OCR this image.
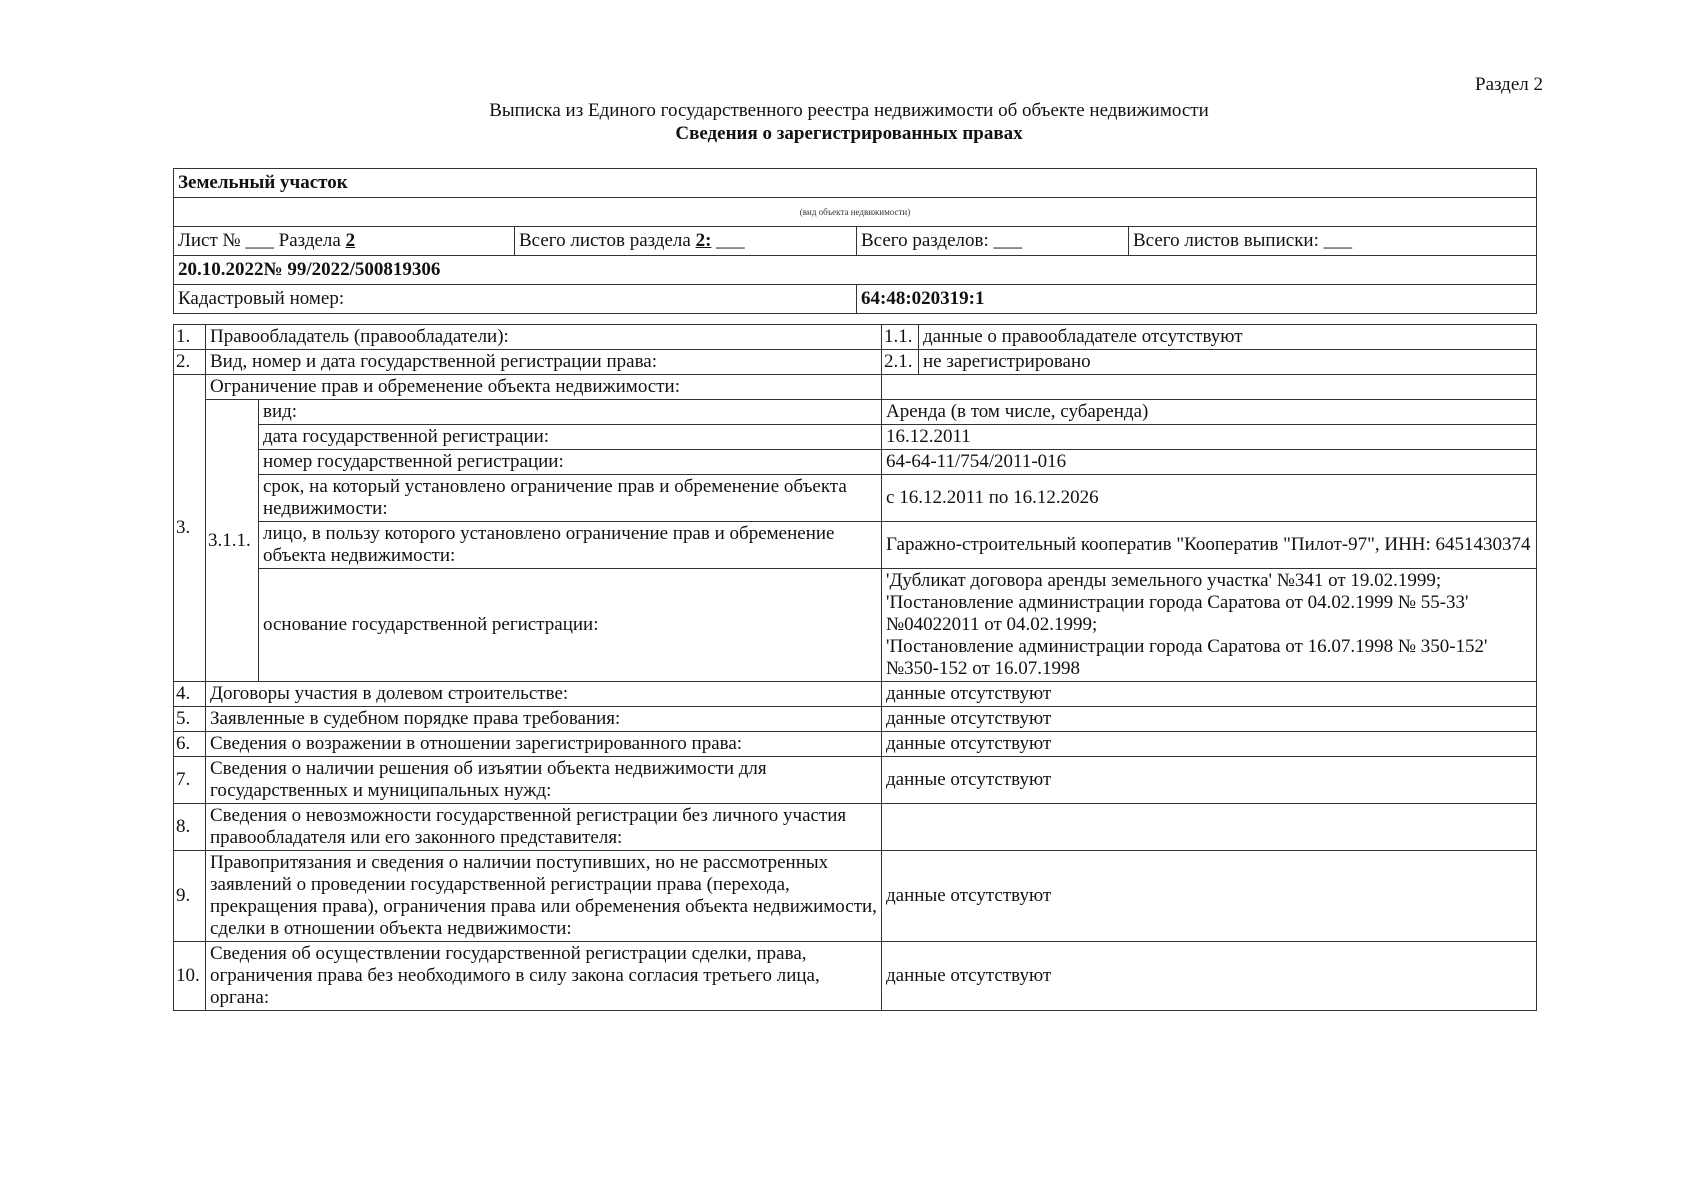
Раздел 2
Выписка из Единого государственного реестра недвижимости об объекте недвижимости
Сведения о зарегистрированных правах
Земельный участок			
(вид объекта недвижимости)			
Лист № ___ Раздела 2	Всего листов раздела 2: ___	Всего разделов: ___	Всего листов выписки: ___
20.10.2022№ 99/2022/500819306			
Кадастровый номер:		64:48:020319:1	
1.	Правообладатель (правообладатели):		1.1.	данные о правообладателе отсутствуют
2.	Вид, номер и дата государственной регистрации права:		2.1.	не зарегистрировано
3.	Ограничение прав и обременение объекта недвижимости:			
	3.1.1.	вид:	Аренда (в том числе, субаренда)	
		дата государственной регистрации:	16.12.2011	
		номер государственной регистрации:	64-64-11/754/2011-016	
		срок, на который установлено ограничение прав и обременение объекта недвижимости:	с 16.12.2011 по 16.12.2026	
		лицо, в пользу которого установлено ограничение прав и обременение объекта недвижимости:	Гаражно-строительный кооператив "Кооператив "Пилот-97", ИНН: 6451430374	
		основание государственной регистрации:	'Дубликат договора аренды земельного участка' №341 от 19.02.1999;
'Постановление администрации города Саратова от 04.02.1999 № 55-33' №04022011 от 04.02.1999;
'Постановление администрации города Саратова от 16.07.1998 № 350-152' №350-152 от 16.07.1998	

4.	Договоры участия в долевом строительстве:		данные отсутствуют	
5.	Заявленные в судебном порядке права требования:		данные отсутствуют	
6.	Сведения о возражении в отношении зарегистрированного права:		данные отсутствуют	
7.	Сведения о наличии решения об изъятии объекта недвижимости для государственных и муниципальных нужд:		данные отсутствуют	
8.	Сведения о невозможности государственной регистрации без личного участия правообладателя или его законного представителя:			
9.	Правопритязания и сведения о наличии поступивших, но не рассмотренных заявлений о проведении государственной регистрации права (перехода, прекращения права), ограничения права или обременения объекта недвижимости, сделки в отношении объекта недвижимости:		данные отсутствуют	
10.	Сведения об осуществлении государственной регистрации сделки, права, ограничения права без необходимого в силу закона согласия третьего лица, органа:		данные отсутствуют	
